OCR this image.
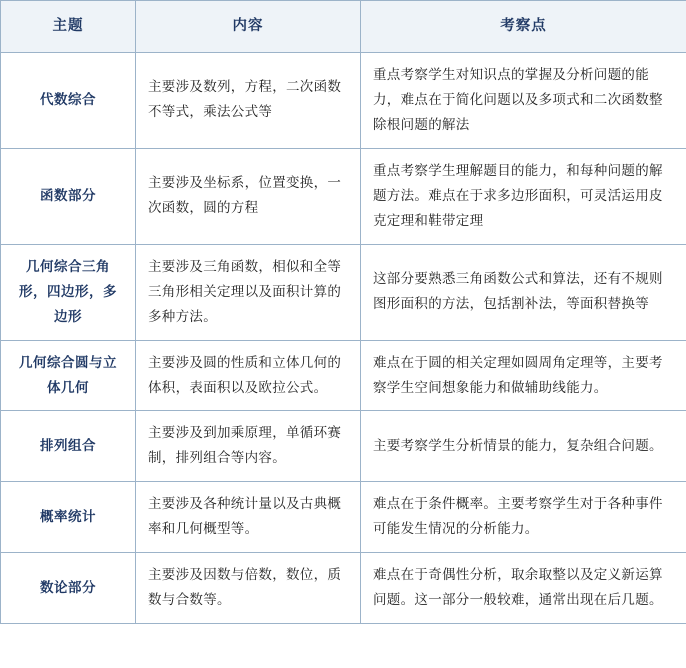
主题	内容	考察点
代数综合	主要涉及数列，方程，二次函数不等式，乘法公式等	重点考察学生对知识点的掌握及分析问题的能力，难点在于简化问题以及多项式和二次函数整除根问题的解法
函数部分	主要涉及坐标系，位置变换，一次函数，圆的方程	重点考察学生理解题目的能力，和每种问题的解题方法。难点在于求多边形面积，可灵活运用皮克定理和鞋带定理
几何综合三角形，四边形，多边形	主要涉及三角函数，相似和全等三角形相关定理以及面积计算的多种方法。	这部分要熟悉三角函数公式和算法，还有不规则图形面积的方法，包括割补法，等面积替换等
几何综合圆与立体几何	主要涉及圆的性质和立体几何的体积，表面积以及欧拉公式。	难点在于圆的相关定理如圆周角定理等，主要考察学生空间想象能力和做辅助线能力。
排列组合	主要涉及到加乘原理，单循环赛制，排列组合等内容。	主要考察学生分析情景的能力，复杂组合问题。
概率统计	主要涉及各种统计量以及古典概率和几何概型等。	难点在于条件概率。主要考察学生对于各种事件可能发生情况的分析能力。
数论部分	主要涉及因数与倍数，数位，质数与合数等。	难点在于奇偶性分析，取余取整以及定义新运算问题。这一部分一般较难，通常出现在后几题。
